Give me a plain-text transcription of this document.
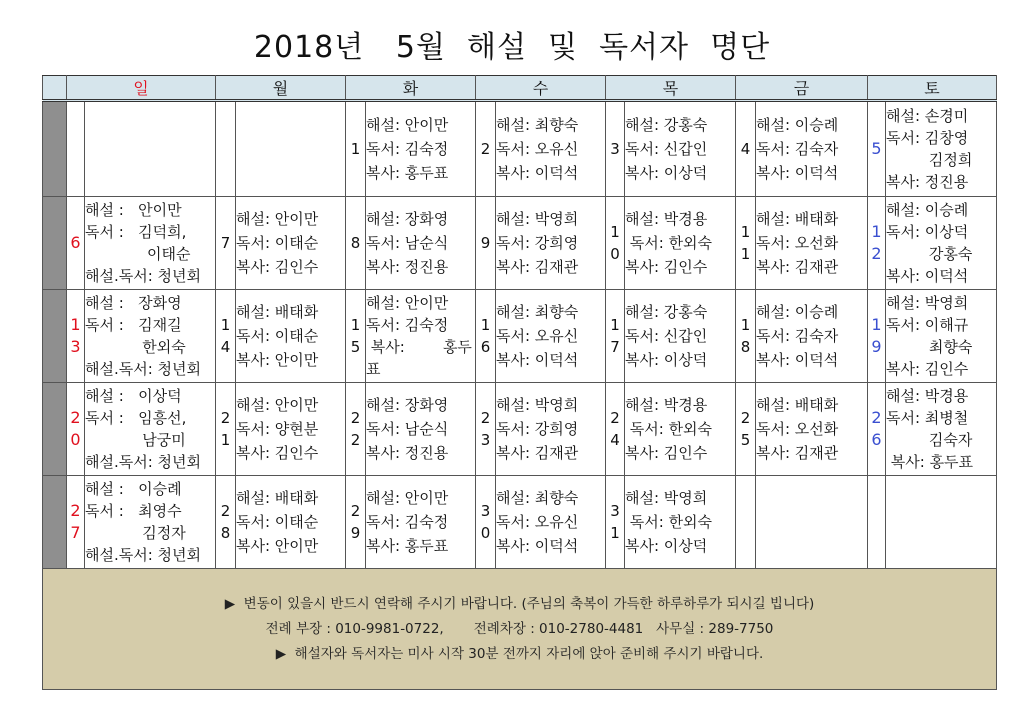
2018년   5월  해설  및  독서자  명단
	일		월		화		수		목		금		토	
					1	해설: 안이만
독서: 김숙정
복사: 홍두표	2	해설: 최향숙
독서: 오유신
복사: 이덕석	3	해설: 강홍숙
독서: 신갑인
복사: 이상덕	4	해설: 이승례
독서: 김숙자
복사: 이덕석	5	해설: 손경미
독서: 김창영
김정희
복사: 정진용

	6	해설 :   안이만
독서 :   김덕희,
이태순
해설.독서: 청년회	7	해설: 안이만
독서: 이태순
복사: 김인수	8	해설: 장화영
독서: 남순식
복사: 정진용	9	해설: 박영희
독서: 강희영
복사: 김재관	10	해설: 박경용
독서: 한외숙
복사: 김인수	11	해설: 배태화
독서: 오선화
복사: 김재관	12	해설: 이승례
독서: 이상덕
강홍숙
복사: 이덕석

	13	해설 :   장화영
독서 :   김재길
한외숙
해설.독서: 청년회	14	해설: 배태화
독서: 이태순
복사: 안이만	15	해설: 안이만
독서: 김숙정
복사:        홍두
표	16	해설: 최향숙
독서: 오유신
복사: 이덕석	17	해설: 강홍숙
독서: 신갑인
복사: 이상덕	18	해설: 이승례
독서: 김숙자
복사: 이덕석	19	해설: 박영희
독서: 이해규
최향숙
복사: 김인수

	20	해설 :   이상덕
독서 :   임흥선,
남궁미
해설.독서: 청년회	21	해설: 안이만
독서: 양현분
복사: 김인수	22	해설: 장화영
독서: 남순식
복사: 정진용	23	해설: 박영희
독서: 강희영
복사: 김재관	24	해설: 박경용
독서: 한외숙
복사: 김인수	25	해설: 배태화
독서: 오선화
복사: 김재관	26	해설: 박경용
독서: 최병철
김숙자
복사: 홍두표

	27	해설 :   이승례
독서 :   최영수
김정자
해설.독서: 청년회	28	해설: 배태화
독서: 이태순
복사: 안이만	29	해설: 안이만
독서: 김숙정
복사: 홍두표	30	해설: 최향숙
독서: 오유신
복사: 이덕석	31	해설: 박영희
독서: 한외숙
복사: 이상덕				

▶  변동이 있을시 반드시 연락해 주시기 바랍니다. (주님의 축복이 가득한 하루하루가 되시길 빕니다)
전례 부장 : 010-9981-0722,       전례차장 : 010-2780-4481   사무실 : 289-7750
▶  해설자와 독서자는 미사 시작 30분 전까지 자리에 앉아 준비해 주시기 바랍니다.														
